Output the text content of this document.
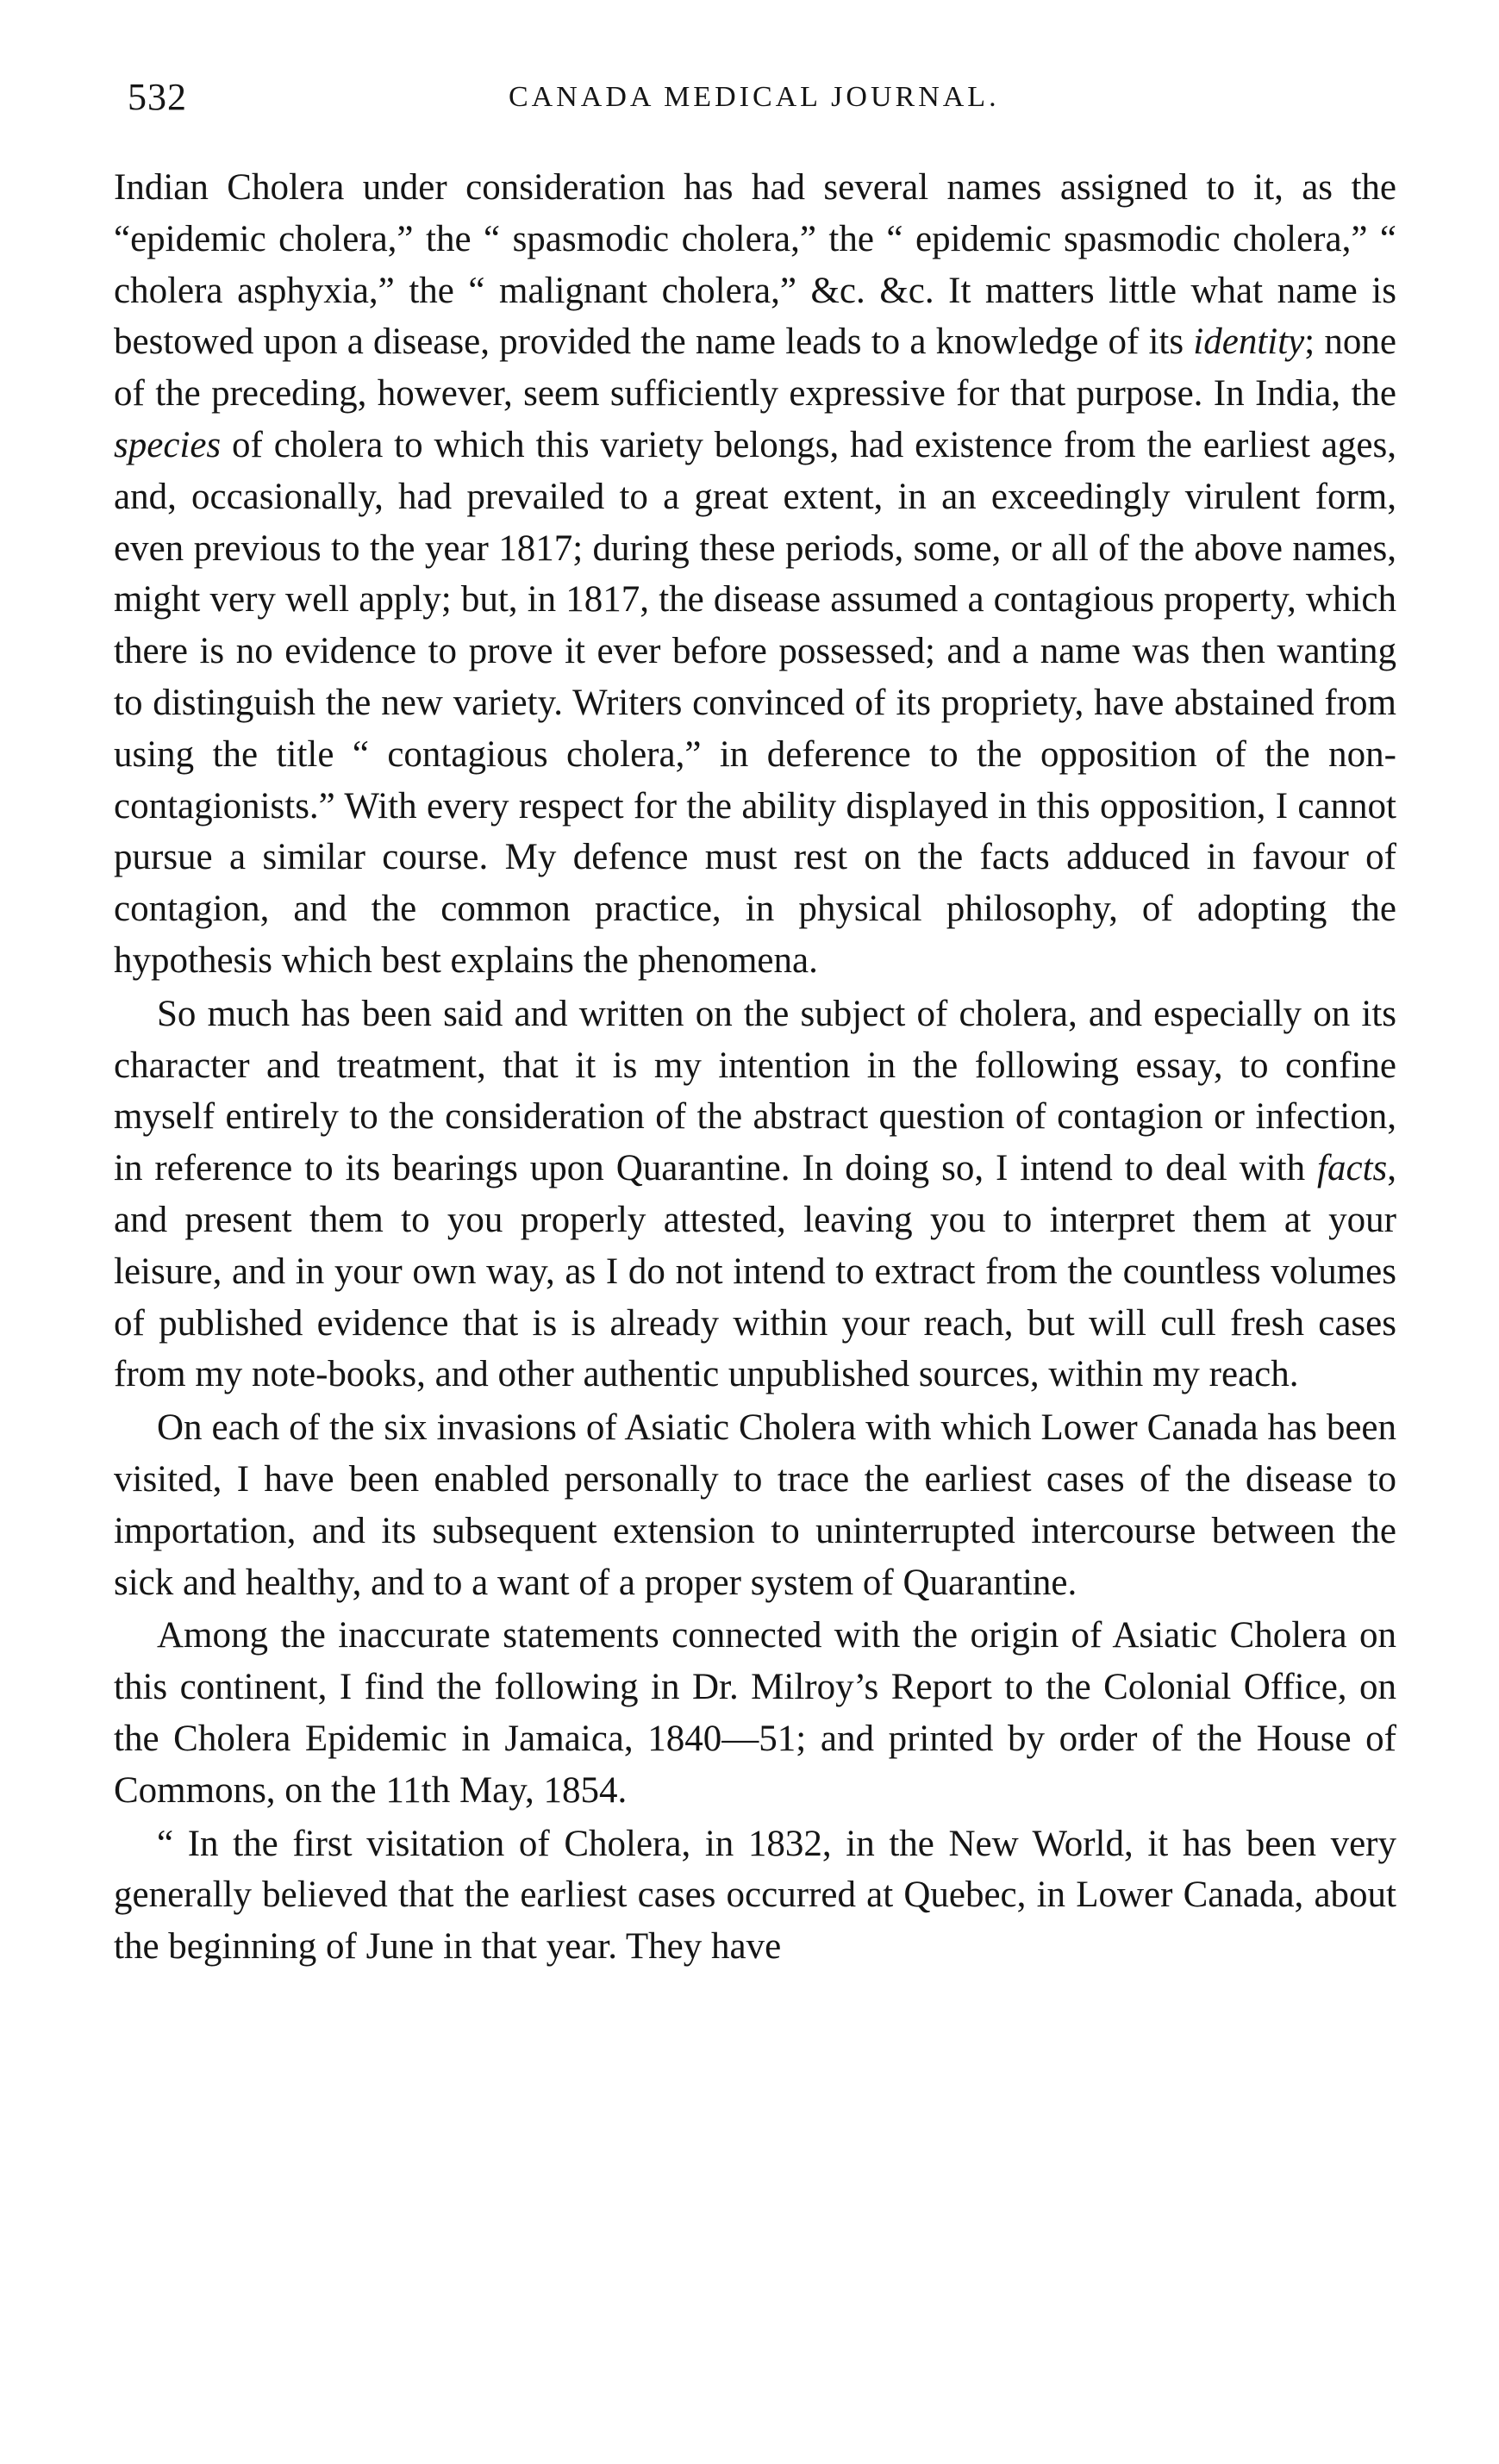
532	CANADA MEDICAL JOURNAL.

Indian Cholera under consideration has had several names assigned to it, as the “epidemic cholera,” the “ spasmodic cholera,” the “ epidemic spasmodic cholera,” “ cholera asphyxia,” the “ malignant cholera,” &c. &c. It matters little what name is bestowed upon a disease, provided the name leads to a knowledge of its identity; none of the preceding, however, seem sufficiently expressive for that purpose. In India, the species of cholera to which this variety belongs, had existence from the earliest ages, and, occasionally, had prevailed to a great extent, in an exceedingly virulent form, even previous to the year 1817; during these periods, some, or all of the above names, might very well apply; but, in 1817, the disease assumed a contagious property, which there is no evidence to prove it ever before possessed; and a name was then wanting to distinguish the new variety. Writers convinced of its propriety, have abstained from using the title “ contagious cholera,” in deference to the opposition of the non-contagionists.” With every respect for the ability displayed in this opposition, I cannot pursue a similar course. My defence must rest on the facts adduced in favour of contagion, and the common practice, in physical philosophy, of adopting the hypothesis which best explains the phenomena.

So much has been said and written on the subject of cholera, and especially on its character and treatment, that it is my intention in the following essay, to confine myself entirely to the consideration of the abstract question of contagion or infection, in reference to its bearings upon Quarantine. In doing so, I intend to deal with facts, and present them to you properly attested, leaving you to interpret them at your leisure, and in your own way, as I do not intend to extract from the countless volumes of published evidence that is is already within your reach, but will cull fresh cases from my note-books, and other authentic unpublished sources, within my reach.

On each of the six invasions of Asiatic Cholera with which Lower Canada has been visited, I have been enabled personally to trace the earliest cases of the disease to importation, and its subsequent extension to uninterrupted intercourse between the sick and healthy, and to a want of a proper system of Quarantine.

Among the inaccurate statements connected with the origin of Asiatic Cholera on this continent, I find the following in Dr. Milroy’s Report to the Colonial Office, on the Cholera Epidemic in Jamaica, 1840—51; and printed by order of the House of Commons, on the 11th May, 1854.

“ In the first visitation of Cholera, in 1832, in the New World, it has been very generally believed that the earliest cases occurred at Quebec, in Lower Canada, about the beginning of June in that year. They have
